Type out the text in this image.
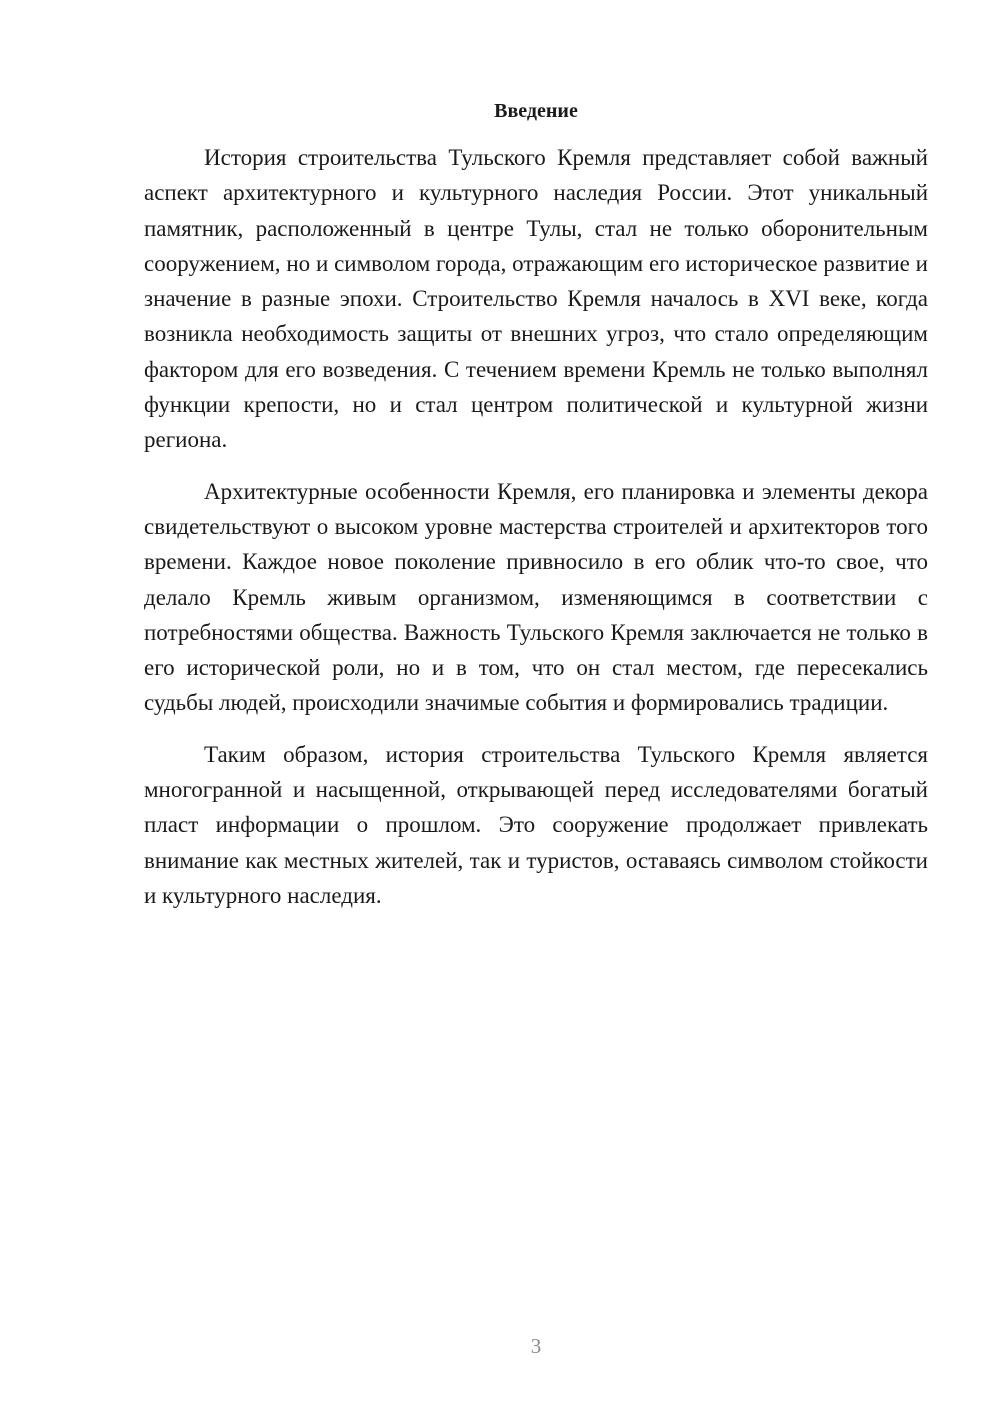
Введение

История строительства Тульского Кремля представляет собой важный аспект архитектурного и культурного наследия России. Этот уникальный памятник, расположенный в центре Тулы, стал не только оборонительным сооружением, но и символом города, отражающим его историческое развитие и значение в разные эпохи. Строительство Кремля началось в XVI веке, когда возникла необходимость защиты от внешних угроз, что стало определяющим фактором для его возведения. С течением времени Кремль не только выполнял функции крепости, но и стал центром политической и культурной жизни региона.

Архитектурные особенности Кремля, его планировка и элементы декора свидетельствуют о высоком уровне мастерства строителей и архитекторов того времени. Каждое новое поколение привносило в его облик что-то свое, что делало Кремль живым организмом, изменяющимся в соответствии с потребностями общества. Важность Тульского Кремля заключается не только в его исторической роли, но и в том, что он стал местом, где пересекались судьбы людей, происходили значимые события и формировались традиции.

Таким образом, история строительства Тульского Кремля является многогранной и насыщенной, открывающей перед исследователями богатый пласт информации о прошлом. Это сооружение продолжает привлекать внимание как местных жителей, так и туристов, оставаясь символом стойкости и культурного наследия.

3
